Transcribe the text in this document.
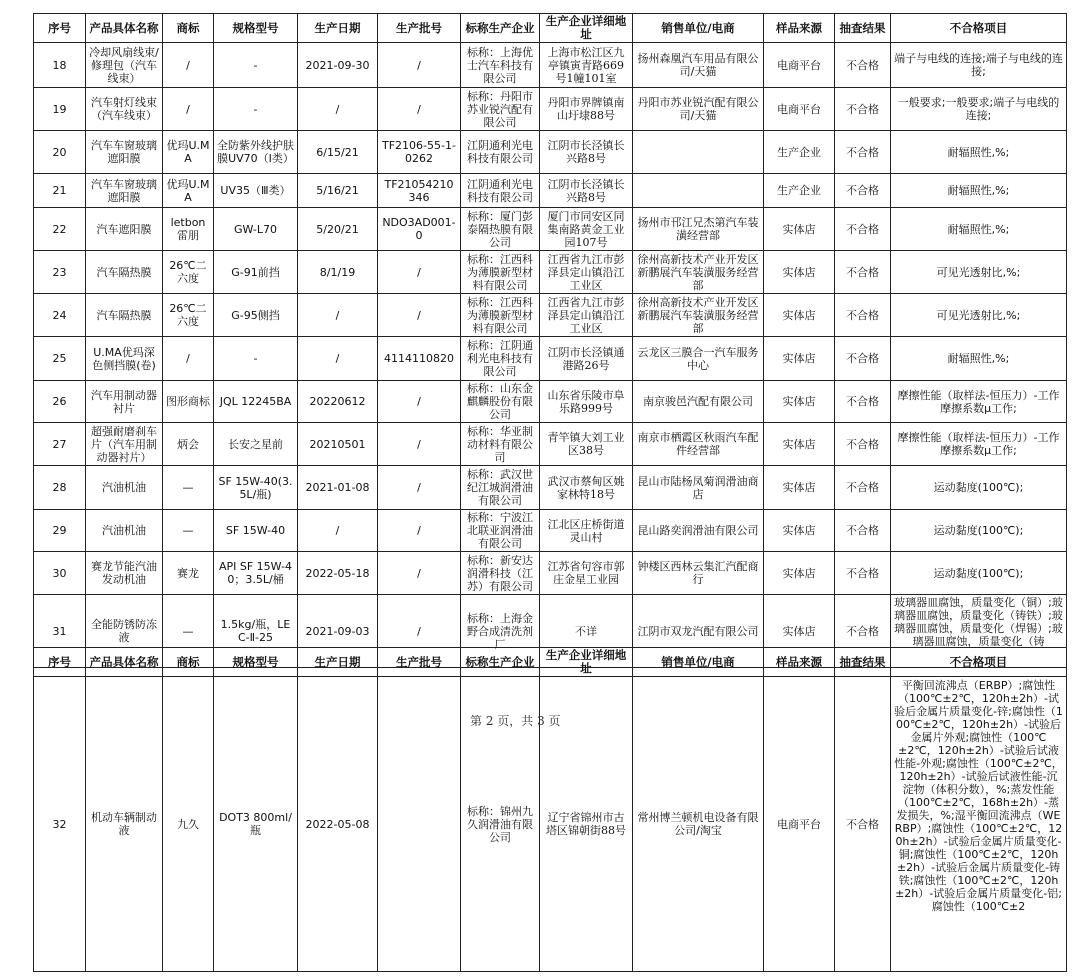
序号	产品具体名称	商标	规格型号	生产日期	生产批号	标称生产企业	生产企业详细地址	销售单位/电商	样品来源	抽查结果	不合格项目
18	冷却风扇线束/修理包（汽车线束）	/	-	2021-09-30	/	标称：上海优士汽车科技有限公司	上海市松江区九亭镇寅青路669号1幢101室	扬州森凰汽车用品有限公司/天猫	电商平台	不合格	端子与电线的连接;端子与电线的连接;
19	汽车射灯线束（汽车线束）	/	-	/	/	标称：丹阳市苏业锐汽配有限公司	丹阳市界牌镇南山圩埭88号	丹阳市苏业锐汽配有限公司/天猫	电商平台	不合格	一般要求;一般要求;端子与电线的连接;
20	汽车车窗玻璃遮阳膜	优玛U.MA	全防紫外线护肤膜UV70（I类）	6/15/21	TF2106-55-1-0262	江阴通利光电科技有限公司	江阴市长泾镇长兴路8号		生产企业	不合格	耐辐照性,%;
21	汽车车窗玻璃遮阳膜	优玛U.MA	UV35（Ⅲ类）	5/16/21	TF21054210346	江阴通利光电科技有限公司	江阴市长泾镇长兴路8号		生产企业	不合格	耐辐照性,%;
22	汽车遮阳膜	letbon雷朋	GW-L70	5/20/21	NDO3AD001-0	标称：厦门彭泰隔热膜有限公司	厦门市同安区同集南路黄金工业园107号	扬州市邗江兄杰第汽车装潢经营部	实体店	不合格	耐辐照性,%;
23	汽车隔热膜	26℃二六度	G-91前挡	8/1/19	/	标称：江西科为薄膜新型材料有限公司	江西省九江市彭泽县定山镇沿江工业区	徐州高新技术产业开发区新鹏展汽车装潢服务经营部	实体店	不合格	可见光透射比,%;
24	汽车隔热膜	26℃二六度	G-95侧挡	/	/	标称：江西科为薄膜新型材料有限公司	江西省九江市彭泽县定山镇沿江工业区	徐州高新技术产业开发区新鹏展汽车装潢服务经营部	实体店	不合格	可见光透射比,%;
25	U.MA优玛深色侧挡膜(卷)	/	-	/	4114110820	标称：江阴通利光电科技有限公司	江阴市长泾镇通港路26号	云龙区三膜合一汽车服务中心	实体店	不合格	耐辐照性,%;
26	汽车用制动器衬片	图形商标	JQL 12245BA	20220612	/	标称：山东金麒麟股份有限公司	山东省乐陵市阜乐路999号	南京骏邑汽配有限公司	实体店	不合格	摩擦性能（取样法-恒压力）-工作摩擦系数μ工作;
27	超强耐磨刹车片（汽车用制动器衬片）	炳会	长安之星前	20210501	/	标称：华亚制动材料有限公司	青竿镇大刘工业区38号	南京市栖霞区秋雨汽车配件经营部	实体店	不合格	摩擦性能（取样法-恒压力）-工作摩擦系数μ工作;
28	汽油机油	—	SF 15W-40(3.5L/瓶)	2021-01-08	/	标称：武汉世纪江城润滑油有限公司	武汉市蔡甸区姚家林特18号	昆山市陆杨凤菊润滑油商店	实体店	不合格	运动黏度(100℃);
29	汽油机油	—	SF 15W-40	/	/	标称：宁波江北联亚润滑油有限公司	江北区庄桥街道灵山村	昆山路奕润滑油有限公司	实体店	不合格	运动黏度(100℃);
30	赛龙节能汽油发动机油	赛龙	API SF 15W-40；3.5L/桶	2022-05-18	/	标称：新安达润滑科技（江苏）有限公司	江苏省句容市郭庄金星工业园	钟楼区西林云集汇汽配商行	实体店	不合格	运动黏度(100℃);
31	全能防锈防冻液	—	1.5kg/瓶，LEC-Ⅱ-25	2021-09-03	/	标称：上海金野合成清洗剂厂	不详	江阴市双龙汽配有限公司	实体店	不合格	玻璃器皿腐蚀，质量变化（铜）;玻璃器皿腐蚀，质量变化（铸铁）;玻璃器皿腐蚀，质量变化（焊锡）;玻璃器皿腐蚀，质量变化（铸
序号	产品具体名称	商标	规格型号	生产日期	生产批号	标称生产企业	生产企业详细地址	销售单位/电商	样品来源	抽查结果	不合格项目
32	机动车辆制动液	九久	DOT3 800ml/瓶	2022-05-08		标称：锦州九久润滑油有限公司	辽宁省锦州市古塔区锦朝街88号	常州博兰顿机电设备有限公司/淘宝	电商平台	不合格	平衡回流沸点（ERBP）;腐蚀性（100℃±2℃，120h±2h）-试验后金属片质量变化-锌;腐蚀性（100℃±2℃，120h±2h）-试验后金属片外观;腐蚀性（100℃±2℃，120h±2h）-试验后试液性能-外观;腐蚀性（100℃±2℃，120h±2h）-试验后试液性能-沉淀物（体积分数），%;蒸发性能（100℃±2℃，168h±2h）-蒸发损失，%;湿平衡回流沸点（WERBP）;腐蚀性（100℃±2℃，120h±2h）-试验后金属片质量变化-铜;腐蚀性（100℃±2℃，120h±2h）-试验后金属片质量变化-铸铁;腐蚀性（100℃±2℃，120h±2h）-试验后金属片质量变化-铝;腐蚀性（100℃±2
第 2 页，共 3 页
